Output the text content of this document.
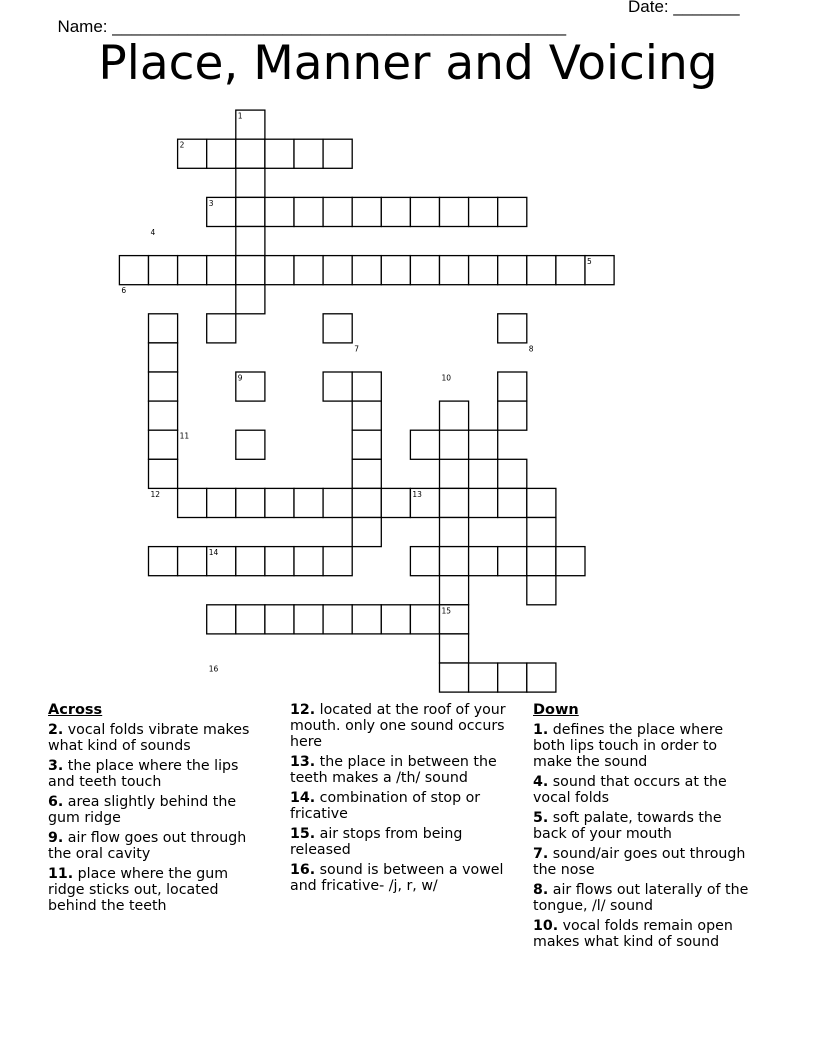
Name: ________________________________________________

Date: _______

Place, Manner and Voicing
1
2
3
4
5
6
7	8
9	10
11
12	13
14
15
16
Across
2. vocal folds vibrate makes what kind of sounds
3. the place where the lips and teeth touch
6. area slightly behind the gum ridge
9. air flow goes out through the oral cavity
11. place where the gum ridge sticks out, located behind the teeth
12. located at the roof of your mouth. only one sound occurs here
13. the place in between the teeth makes a /th/ sound
14. combination of stop or fricative
15. air stops from being released
16. sound is between a vowel and fricative- /j, r, w/
Down
1. defines the place where both lips touch in order to make the sound
4. sound that occurs at the vocal folds
5. soft palate, towards the back of your mouth
7. sound/air goes out through the nose
8. air flows out laterally of the tongue, /l/ sound
10. vocal folds remain open makes what kind of sound
